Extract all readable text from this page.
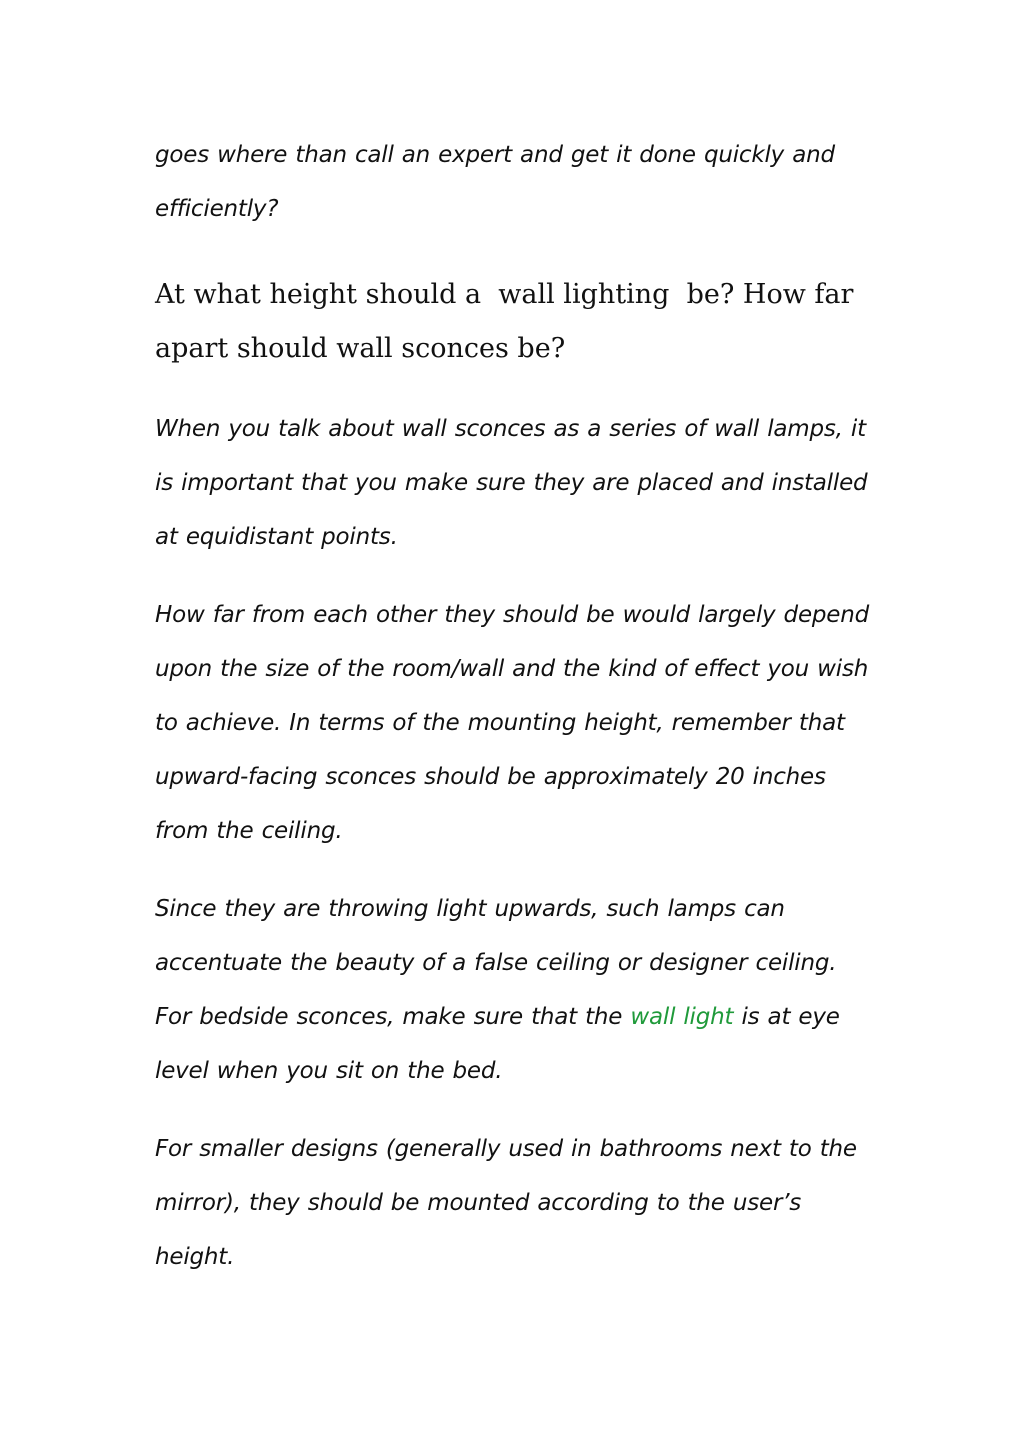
goes where than call an expert and get it done quickly and efficiently?

At what height should a  wall lighting  be? How far apart should wall sconces be?

When you talk about wall sconces as a series of wall lamps, it is important that you make sure they are placed and installed at equidistant points.

How far from each other they should be would largely depend upon the size of the room/wall and the kind of effect you wish to achieve. In terms of the mounting height, remember that upward-facing sconces should be approximately 20 inches from the ceiling.

Since they are throwing light upwards, such lamps can accentuate the beauty of a false ceiling or designer ceiling. For bedside sconces, make sure that the wall light is at eye level when you sit on the bed.

For smaller designs (generally used in bathrooms next to the mirror), they should be mounted according to the user’s height.
